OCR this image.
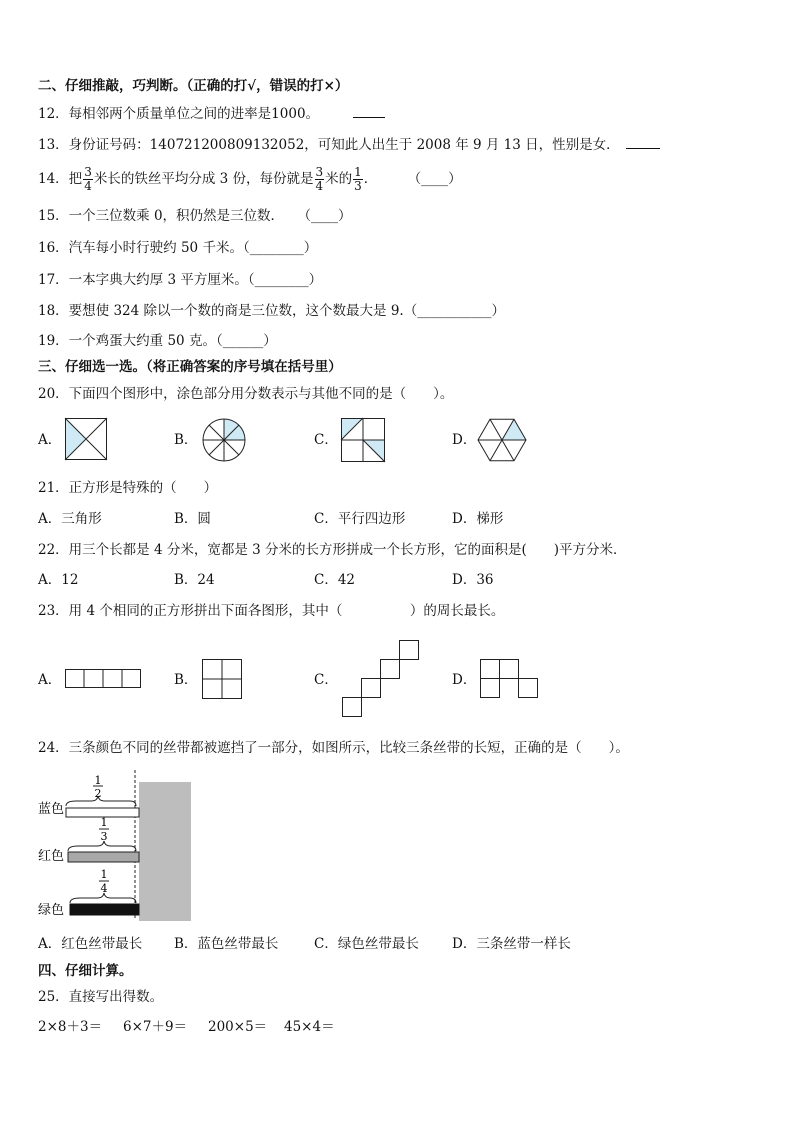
二、仔细推敲，巧判断。（正确的打√，错误的打×）
12．每相邻两个质量单位之间的进率是1000。
13．身份证号码：140721200809132052，可知此人出生于 2008 年 9 月 13 日，性别是女．
14．把 $\frac{3}{4}$ 米长的铁丝平均分成 3 份，每份就是 $\frac{3}{4}$ 米的 $\frac{1}{3}$ ． （____）
15．一个三位数乘 0，积仍然是三位数．　　（____）
16．汽车每小时行驶约 50 千米。（________）
17．一本字典大约厚 3 平方厘米。（________）
18．要想使 324 除以一个数的商是三位数，这个数最大是 9.（___________）
19．一个鸡蛋大约重 50 克。（______）
三、仔细选一选。（将正确答案的序号填在括号里）
20．下面四个图形中，涂色部分用分数表示与其他不同的是（　　）。
A．	B．	C．	D．
21．正方形是特殊的（　　）
A．三角形	B．圆	C．平行四边形	D．梯形
22．用三个长都是 4 分米，宽都是 3 分米的长方形拼成一个长方形，它的面积是(　　)平方分米．
A．12	B．24	C．42	D．36
23．用 4 个相同的正方形拼出下面各图形，其中（　　　　　）的周长最长。
A．	B．	C．	D．
24．三条颜色不同的丝带都被遮挡了一部分，如图所示，比较三条丝带的长短，正确的是（　　）。
1
2
蓝色
1
3
红色
1
4
绿色
A．红色丝带最长 B．蓝色丝带最长	C．绿色丝带最长 D．三条丝带一样长
四、仔细计算。
25．直接写出得数。
2×8＋3＝ 6×7＋9＝ 200×5＝ 45×4＝
